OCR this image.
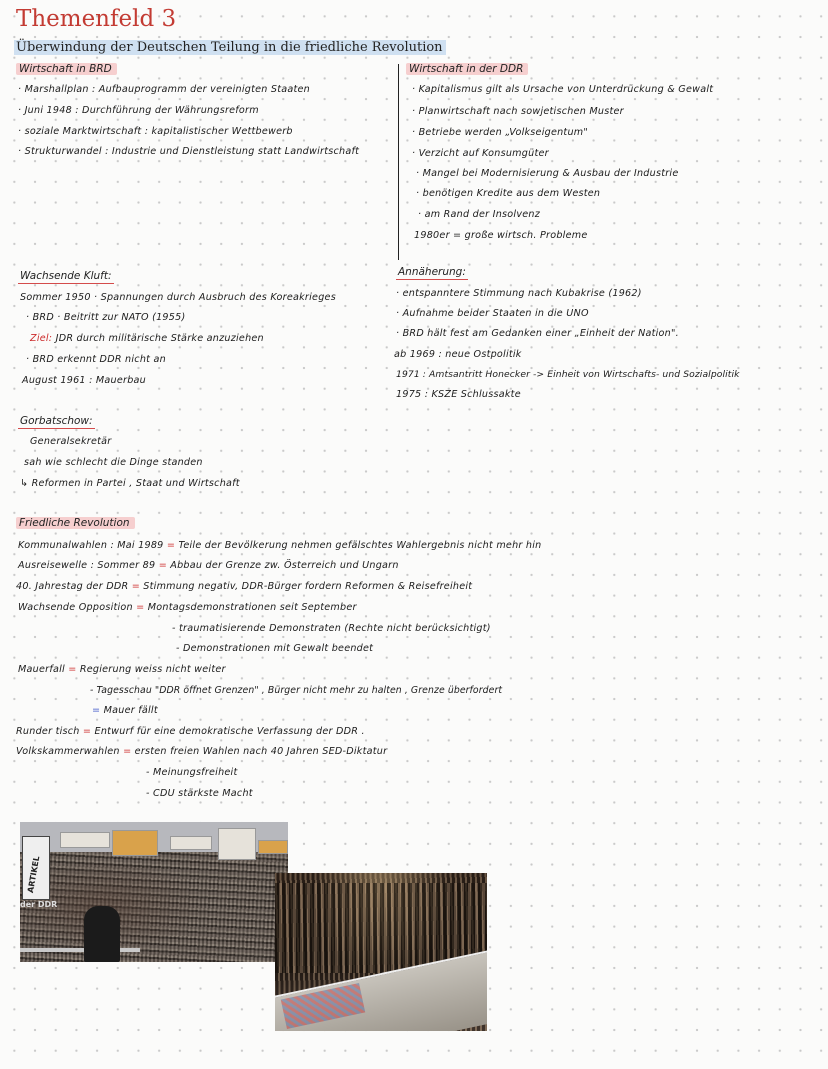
Themenfeld 3
Überwindung der Deutschen Teilung in die friedliche Revolution
Wirtschaft in BRD
· Marshallplan : Aufbauprogramm der vereinigten Staaten
· Juni 1948 : Durchführung der Währungsreform
· soziale Marktwirtschaft : kapitalistischer Wettbewerb
· Strukturwandel : Industrie und Dienstleistung statt Landwirtschaft
Wirtschaft in der DDR
· Kapitalismus gilt als Ursache von Unterdrückung & Gewalt
· Planwirtschaft nach sowjetischen Muster
· Betriebe werden „Volkseigentum"
· Verzicht auf Konsumgüter
· Mangel bei Modernisierung & Ausbau der Industrie
· benötigen Kredite aus dem Westen
· am Rand der Insolvenz
1980er = große wirtsch. Probleme
Wachsende Kluft:
Sommer 1950 · Spannungen durch Ausbruch des Koreakrieges
· BRD · Beitritt zur NATO (1955)
Ziel: JDR durch militärische Stärke anzuziehen
· BRD erkennt DDR nicht an
August 1961 : Mauerbau
Annäherung:
· entspanntere Stimmung nach Kubakrise (1962)
· Aufnahme beider Staaten in die UNO
· BRD hält fest am Gedanken einer „Einheit der Nation".
ab 1969 : neue Ostpolitik
1971 : Amtsantritt Honecker -> Einheit von Wirtschafts- und Sozialpolitik
1975 : KSZE Schlussakte
Gorbatschow:
Generalsekretär
sah wie schlecht die Dinge standen
↳ Reformen in Partei , Staat und Wirtschaft
Friedliche Revolution
Kommunalwahlen : Mai 1989 = Teile der Bevölkerung nehmen gefälschtes Wahlergebnis nicht mehr hin
Ausreisewelle : Sommer 89 = Abbau der Grenze zw. Österreich und Ungarn
40. Jahrestag der DDR = Stimmung negativ, DDR-Bürger fordern Reformen & Reisefreiheit
Wachsende Opposition = Montagsdemonstrationen seit September
- traumatisierende Demonstraten (Rechte nicht berücksichtigt)
- Demonstrationen mit Gewalt beendet
Mauerfall = Regierung weiss nicht weiter
- Tagesschau "DDR öffnet Grenzen" , Bürger nicht mehr zu halten , Grenze überfordert
= Mauer fällt
Runder tisch = Entwurf für eine demokratische Verfassung der DDR .
Volkskammerwahlen = ersten freien Wahlen nach 40 Jahren SED-Diktatur
- Meinungsfreiheit
- CDU stärkste Macht
ARTIKEL
der DDR
